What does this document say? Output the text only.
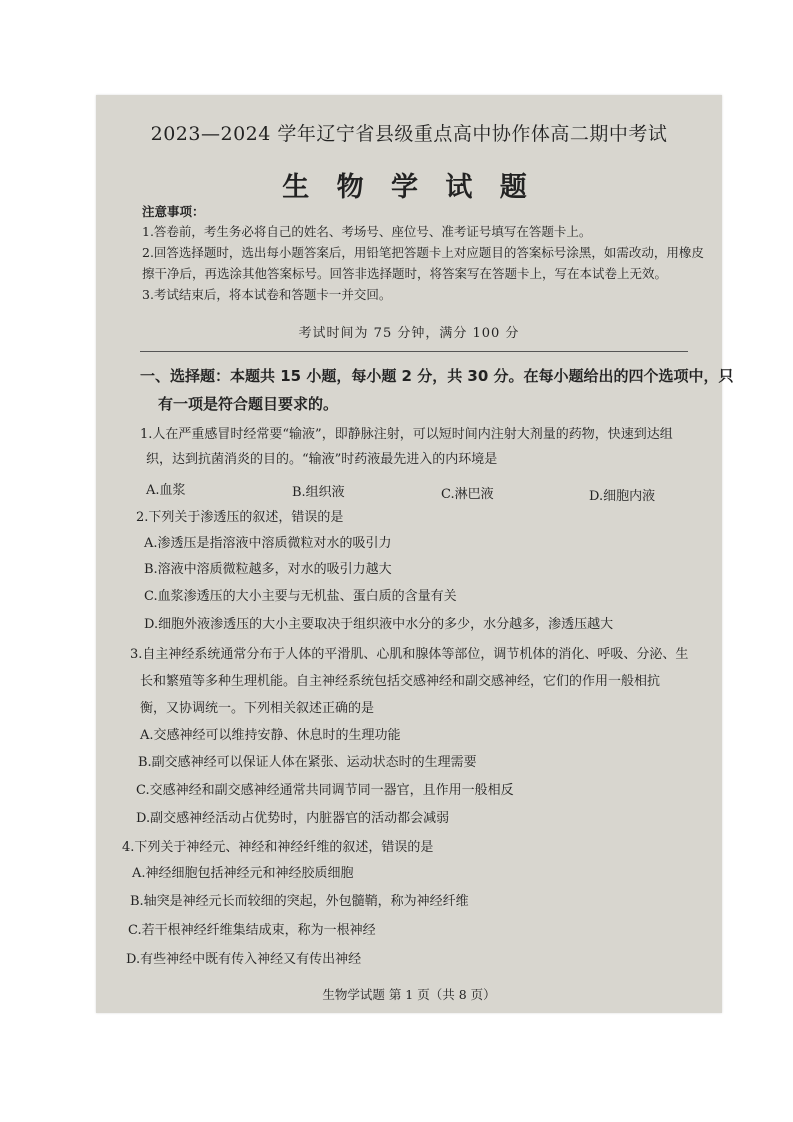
2023—2024 学年辽宁省县级重点高中协作体高二期中考试
生 物 学 试 题
注意事项：
1.答卷前，考生务必将自己的姓名、考场号、座位号、准考证号填写在答题卡上。
2.回答选择题时，选出每小题答案后，用铅笔把答题卡上对应题目的答案标号涂黑，如需改动，用橡皮
擦干净后，再选涂其他答案标号。回答非选择题时，将答案写在答题卡上，写在本试卷上无效。
3.考试结束后，将本试卷和答题卡一并交回。
考试时间为 75 分钟，满分 100 分
一、选择题：本题共 15 小题，每小题 2 分，共 30 分。在每小题给出的四个选项中，只
有一项是符合题目要求的。
1.人在严重感冒时经常要“输液”，即静脉注射，可以短时间内注射大剂量的药物，快速到达组
织，达到抗菌消炎的目的。“输液”时药液最先进入的内环境是
A.血浆	B.组织液	C.淋巴液	D.细胞内液
2.下列关于渗透压的叙述，错误的是
A.渗透压是指溶液中溶质微粒对水的吸引力
B.溶液中溶质微粒越多，对水的吸引力越大
C.血浆渗透压的大小主要与无机盐、蛋白质的含量有关
D.细胞外液渗透压的大小主要取决于组织液中水分的多少，水分越多，渗透压越大
3.自主神经系统通常分布于人体的平滑肌、心肌和腺体等部位，调节机体的消化、呼吸、分泌、生
长和繁殖等多种生理机能。自主神经系统包括交感神经和副交感神经，它们的作用一般相抗
衡，又协调统一。下列相关叙述正确的是
A.交感神经可以维持安静、休息时的生理功能
B.副交感神经可以保证人体在紧张、运动状态时的生理需要
C.交感神经和副交感神经通常共同调节同一器官，且作用一般相反
D.副交感神经活动占优势时，内脏器官的活动都会减弱
4.下列关于神经元、神经和神经纤维的叙述，错误的是
A.神经细胞包括神经元和神经胶质细胞
B.轴突是神经元长而较细的突起，外包髓鞘，称为神经纤维
C.若干根神经纤维集结成束，称为一根神经
D.有些神经中既有传入神经又有传出神经
生物学试题 第 1 页（共 8 页）
